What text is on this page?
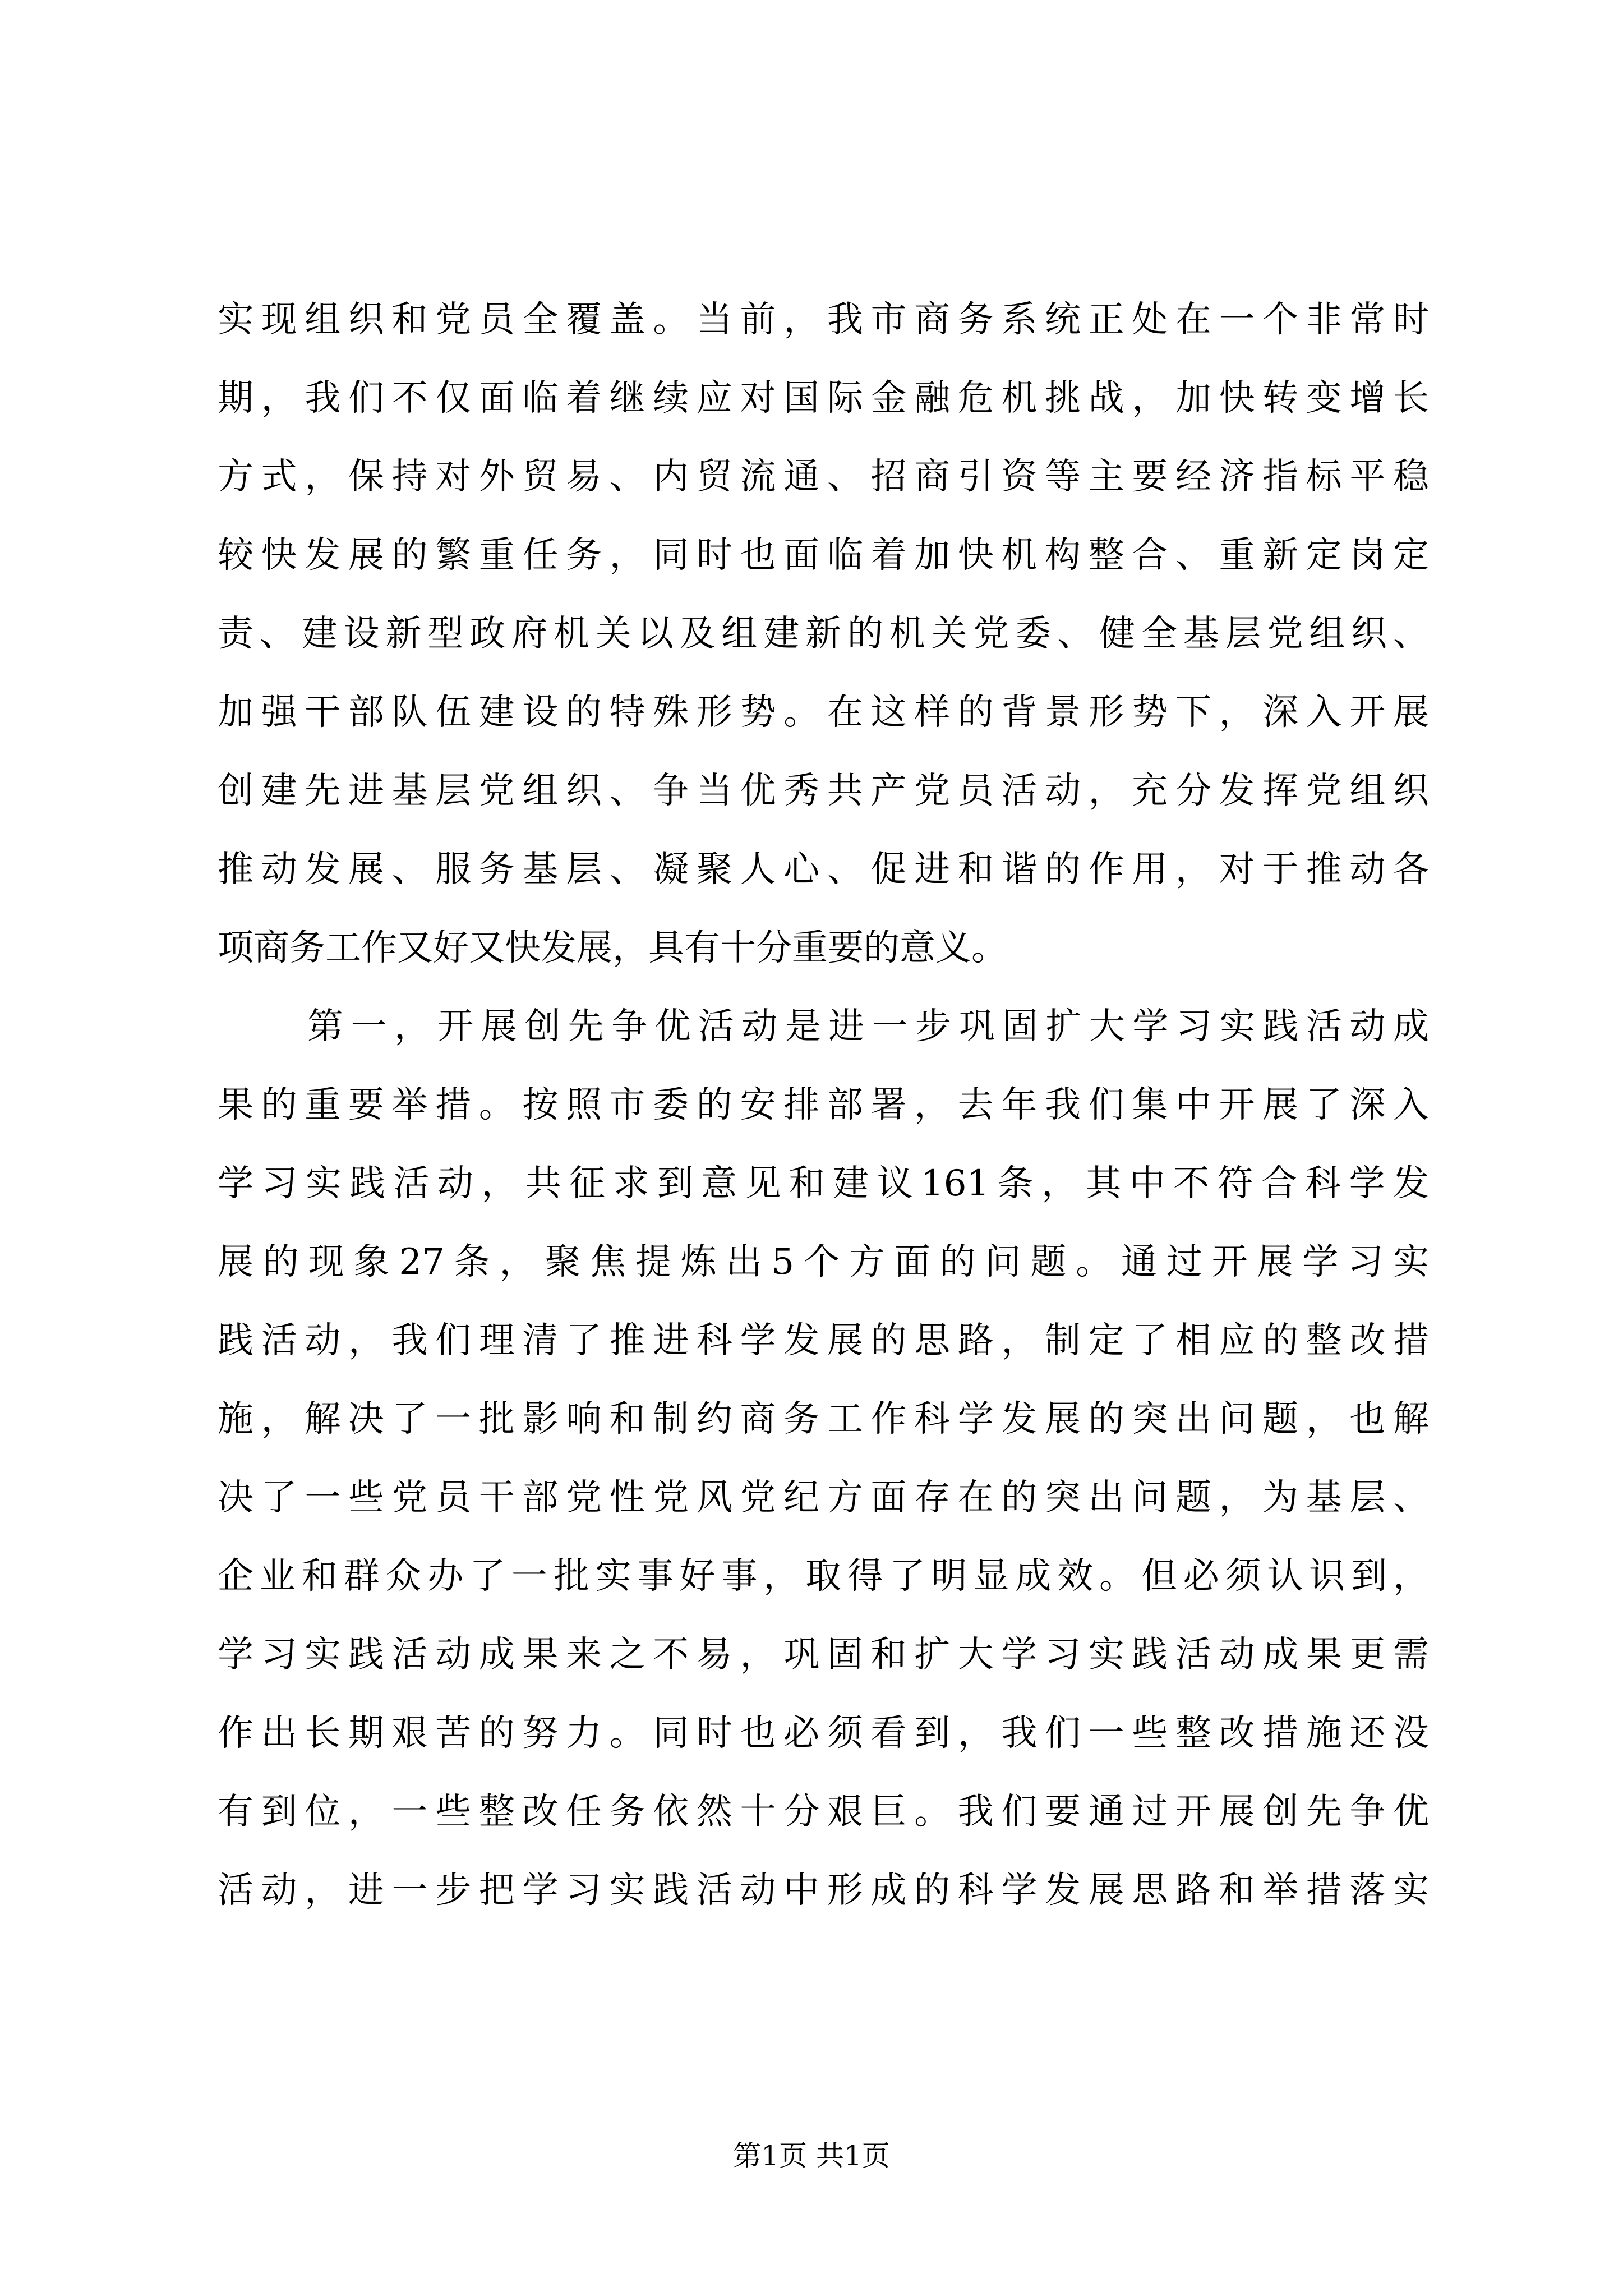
实现组织和党员全覆盖。当前，我市商务系统正处在一个非常时
期，我们不仅面临着继续应对国际金融危机挑战，加快转变增长
方式，保持对外贸易、内贸流通、招商引资等主要经济指标平稳
较快发展的繁重任务，同时也面临着加快机构整合、重新定岗定
责、建设新型政府机关以及组建新的机关党委、健全基层党组织、
加强干部队伍建设的特殊形势。在这样的背景形势下，深入开展
创建先进基层党组织、争当优秀共产党员活动，充分发挥党组织
推动发展、服务基层、凝聚人心、促进和谐的作用，对于推动各
项商务工作又好又快发展，具有十分重要的意义。
第一，开展创先争优活动是进一步巩固扩大学习实践活动成
果的重要举措。按照市委的安排部署，去年我们集中开展了深入
学习实践活动，共征求到意见和建议161条，其中不符合科学发
展的现象27条，聚焦提炼出5个方面的问题。通过开展学习实
践活动，我们理清了推进科学发展的思路，制定了相应的整改措
施，解决了一批影响和制约商务工作科学发展的突出问题，也解
决了一些党员干部党性党风党纪方面存在的突出问题，为基层、
企业和群众办了一批实事好事，取得了明显成效。但必须认识到，
学习实践活动成果来之不易，巩固和扩大学习实践活动成果更需
作出长期艰苦的努力。同时也必须看到，我们一些整改措施还没
有到位，一些整改任务依然十分艰巨。我们要通过开展创先争优
活动，进一步把学习实践活动中形成的科学发展思路和举措落实
第1页 共1页
